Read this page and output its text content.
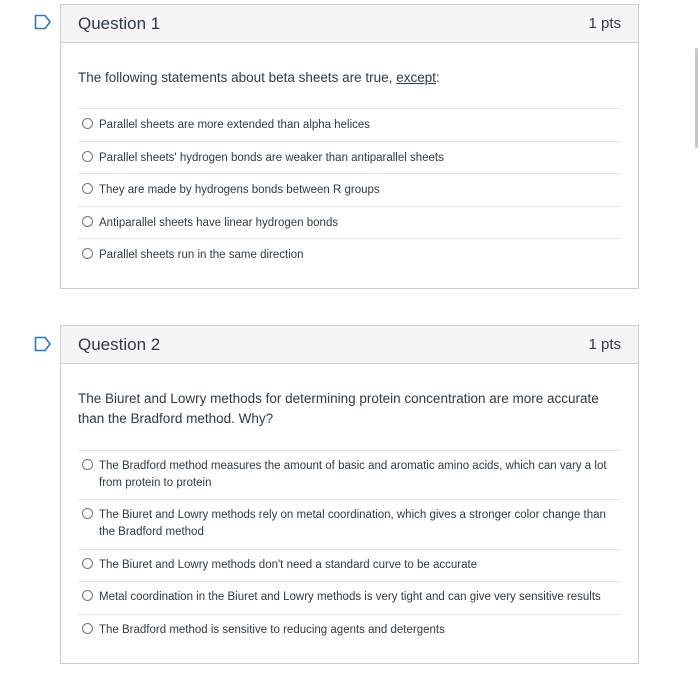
Question 1	1 pts
The following statements about beta sheets are true, except:
Parallel sheets are more extended than alpha helices
Parallel sheets' hydrogen bonds are weaker than antiparallel sheets
They are made by hydrogens bonds between R groups
Antiparallel sheets have linear hydrogen bonds
Parallel sheets run in the same direction
Question 2	1 pts
The Biuret and Lowry methods for determining protein concentration are more accurate than the Bradford method. Why?
The Bradford method measures the amount of basic and aromatic amino acids, which can vary a lot from protein to protein
The Biuret and Lowry methods rely on metal coordination, which gives a stronger color change than the Bradford method
The Biuret and Lowry methods don't need a standard curve to be accurate
Metal coordination in the Biuret and Lowry methods is very tight and can give very sensitive results
The Bradford method is sensitive to reducing agents and detergents
